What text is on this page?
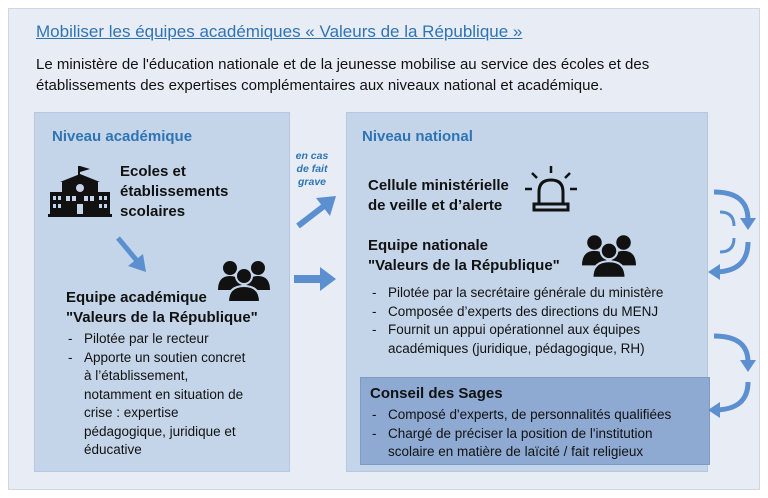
Mobiliser les équipes académiques « Valeurs de la République »
Le ministère de l'éducation nationale et de la jeunesse mobilise au service des écoles et des
établissements des expertises complémentaires aux niveaux national et académique.
Niveau académique
Ecoles et
établissements
scolaires
Equipe académique
"Valeurs de la République"
- Pilotée par le recteur
- Apporte un soutien concret
à l’établissement,
notamment en situation de
crise : expertise
pédagogique, juridique et
éducative
en cas
de fait
grave
Niveau national
Cellule ministérielle
de veille et d’alerte
Equipe nationale
"Valeurs de la République"
- Pilotée par la secrétaire générale du ministère
- Composée d’experts des directions du MENJ
- Fournit un appui opérationnel aux équipes
académiques (juridique, pédagogique, RH)
Conseil des Sages
- Composé d'experts, de personnalités qualifiées
- Chargé de préciser la position de l'institution
scolaire en matière de laïcité / fait religieux
